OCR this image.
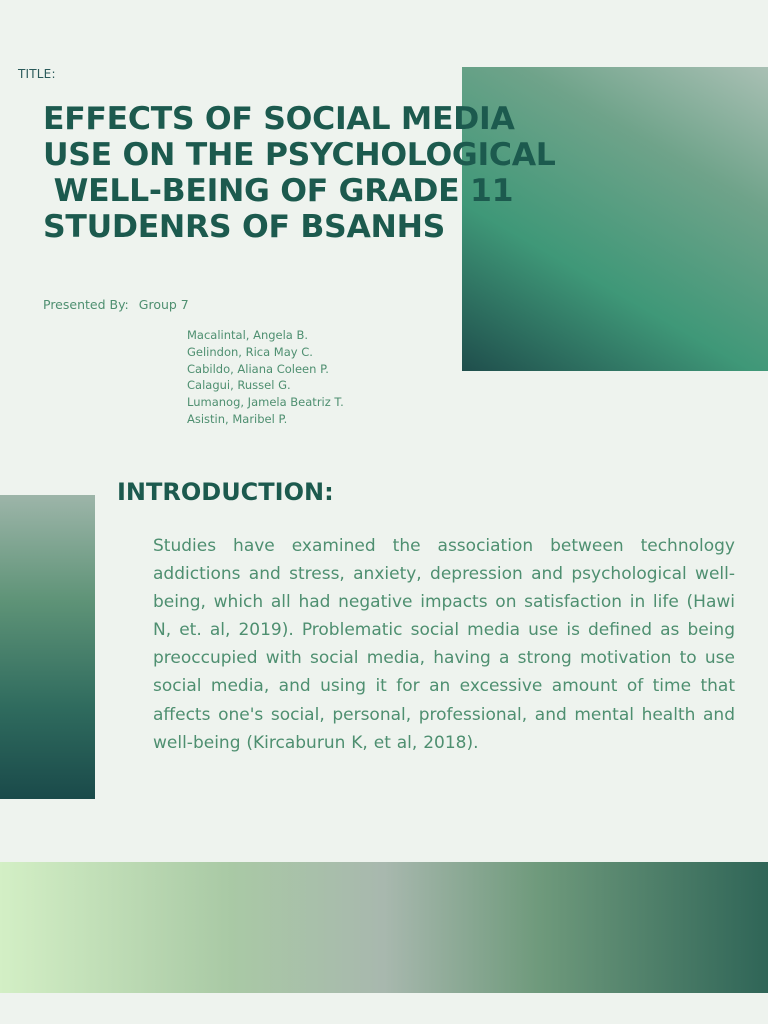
TITLE:
EFFECTS OF SOCIAL MEDIA
USE ON THE PSYCHOLOGICAL
WELL-BEING OF GRADE 11
STUDENRS OF BSANHS
Presented By: Group 7
Macalintal, Angela B.
Gelindon, Rica May C.
Cabildo, Aliana Coleen P.
Calagui, Russel G.
Lumanog, Jamela Beatriz T.
Asistin, Maribel P.
INTRODUCTION:

Studies have examined the association between technology addictions and stress, anxiety, depression and psychological well-being, which all had negative impacts on satisfaction in life (Hawi N, et. al, 2019). Problematic social media use is defined as being preoccupied with social media, having a strong motivation to use social media, and using it for an excessive amount of time that affects one's social, personal, professional, and mental health and well-being (Kircaburun K, et al, 2018).
